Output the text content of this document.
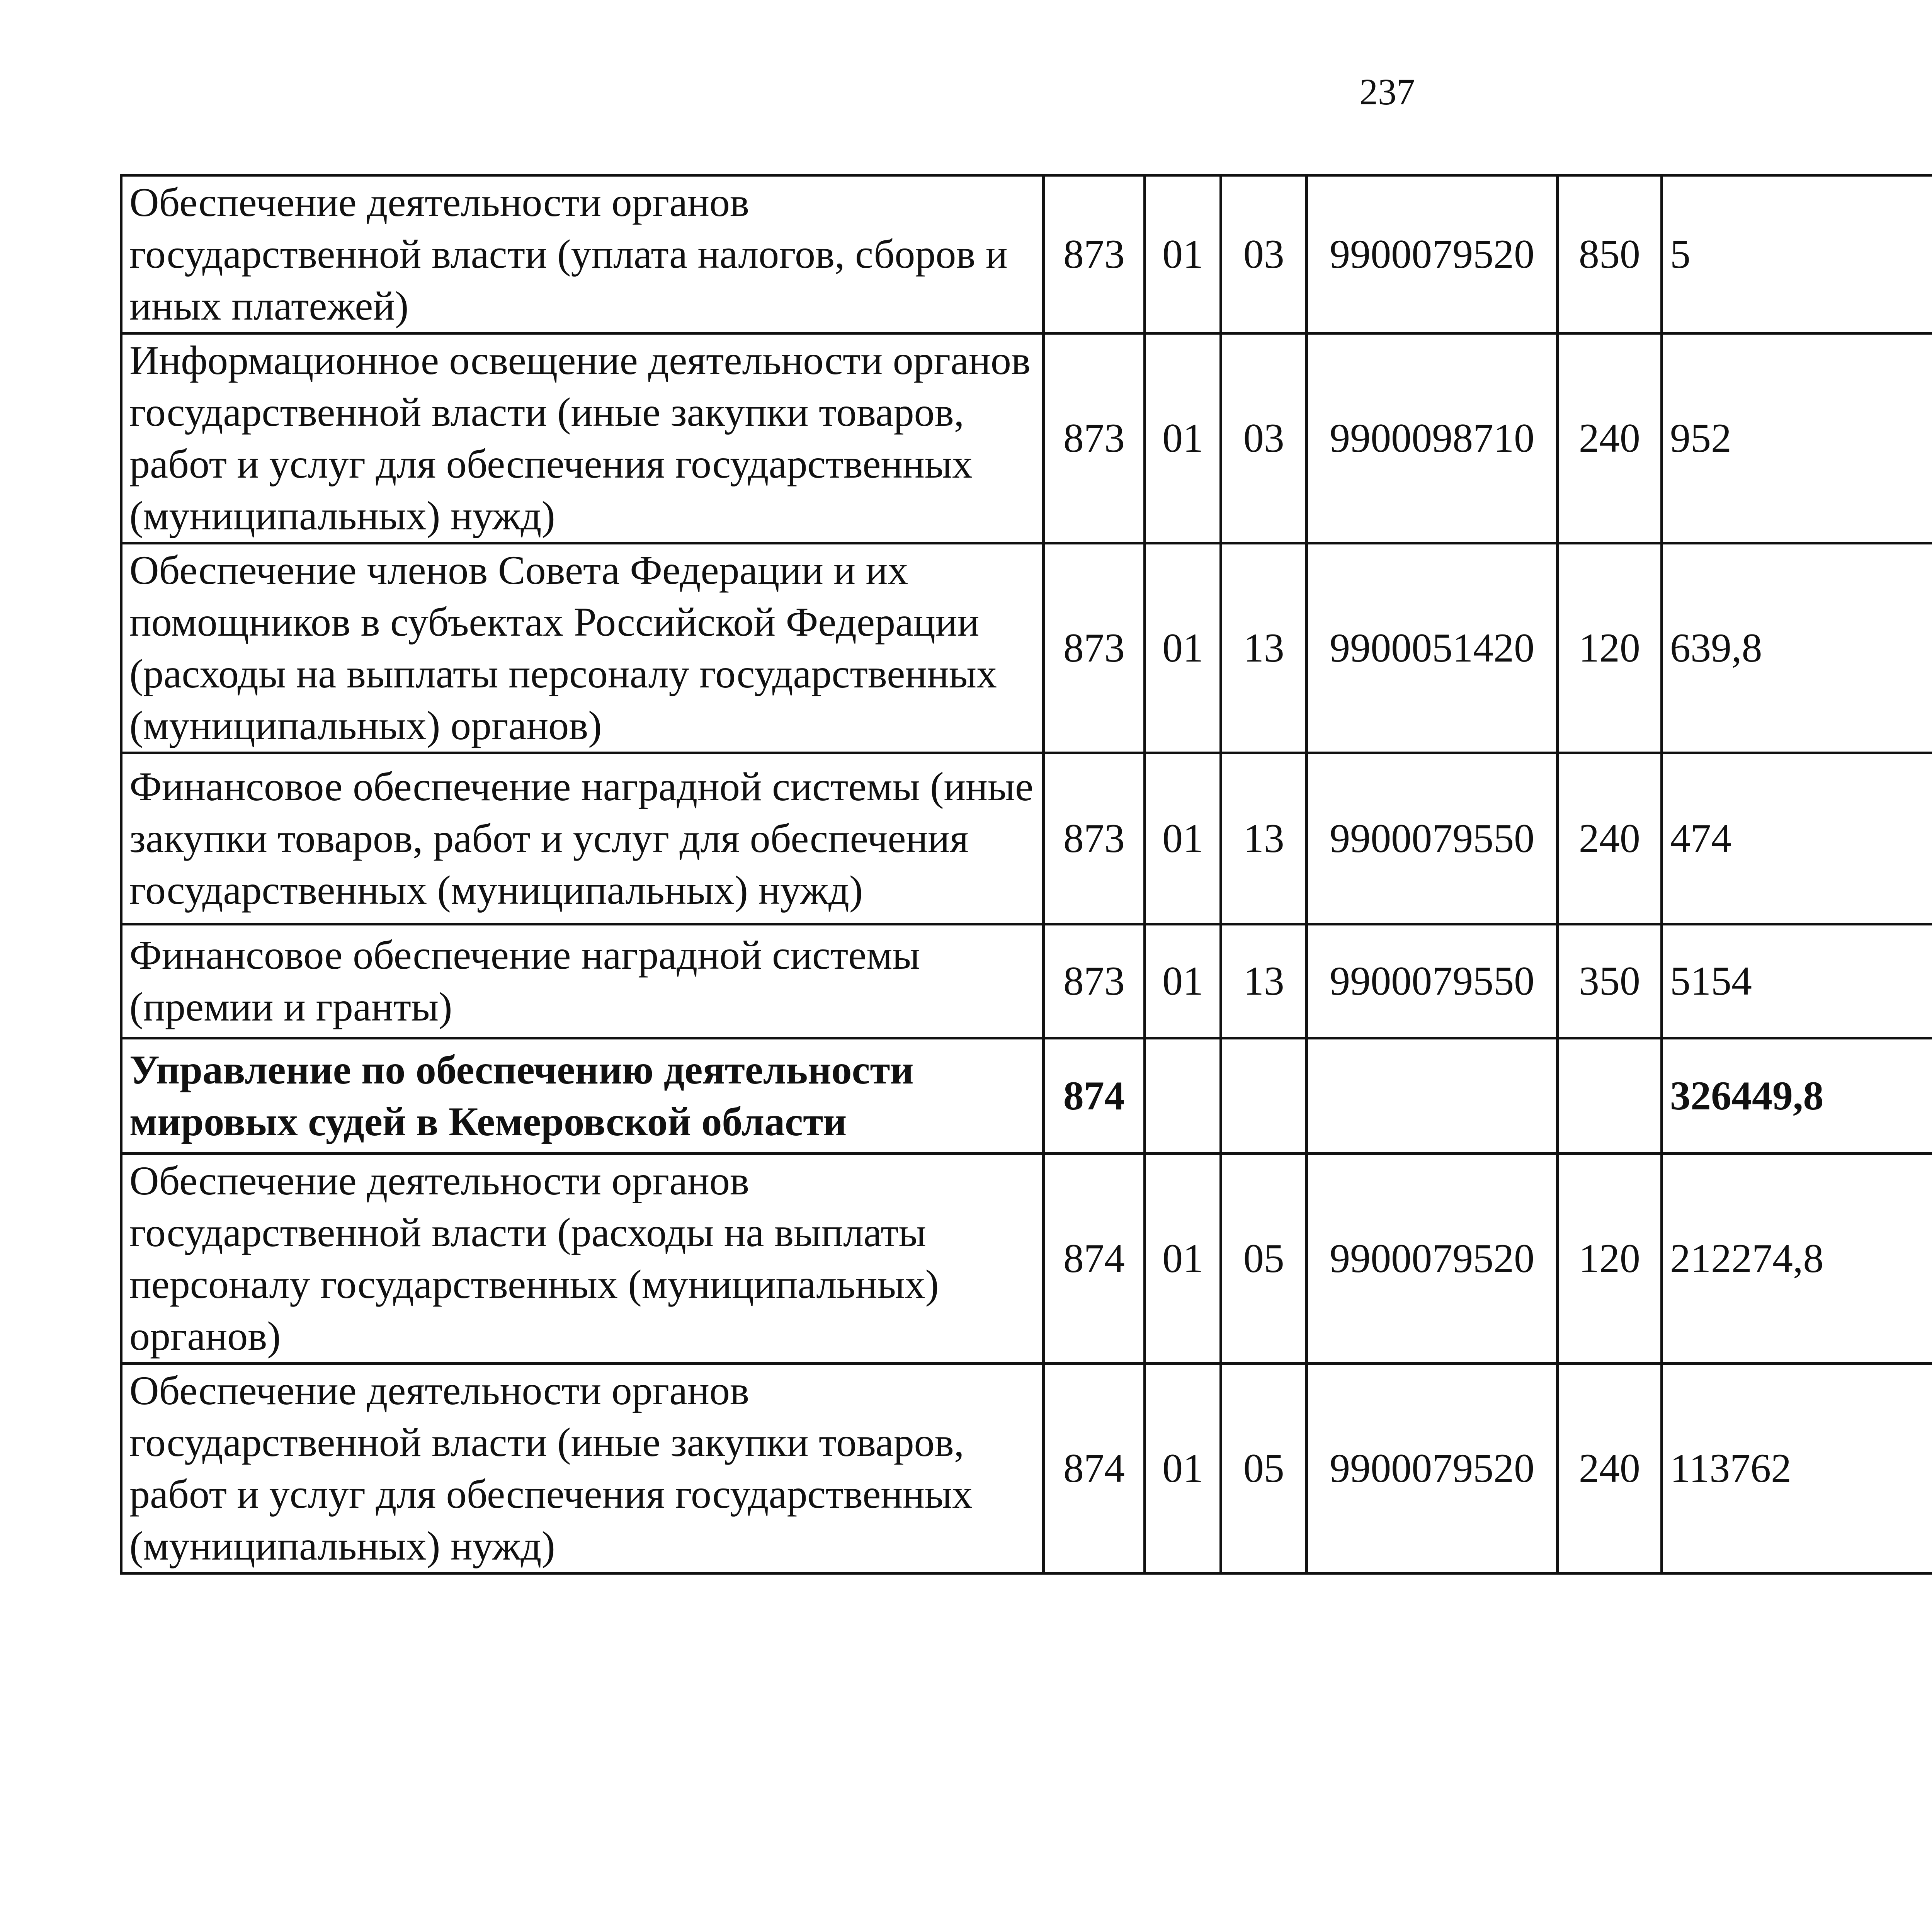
237
Обеспечение деятельности органов государственной власти (уплата налогов, сборов и иных платежей)	873	01	03	9900079520	850	5		
Информационное освещение деятельности органов государственной власти (иные закупки товаров, работ и услуг для обеспечения государственных (муниципальных) нужд)	873	01	03	9900098710	240	952		
Обеспечение членов Совета Федерации и их помощников в субъектах Российской Федерации (расходы на выплаты персоналу государственных (муниципальных) органов)	873	01	13	9900051420	120	639,8		
Финансовое обеспечение наградной системы (иные закупки товаров, работ и услуг для обеспечения государственных (муниципальных) нужд)	873	01	13	9900079550	240	474		
Финансовое обеспечение наградной системы (премии и гранты)	873	01	13	9900079550	350	5154		
Управление по обеспечению деятельности мировых судей в Кемеровской области	874					326449,8		
Обеспечение деятельности органов государственной власти (расходы на выплаты персоналу государственных (муниципальных) органов)	874	01	05	9900079520	120	212274,8		
Обеспечение деятельности органов государственной власти (иные закупки товаров, работ и услуг для обеспечения государственных (муниципальных) нужд)	874	01	05	9900079520	240	113762		
